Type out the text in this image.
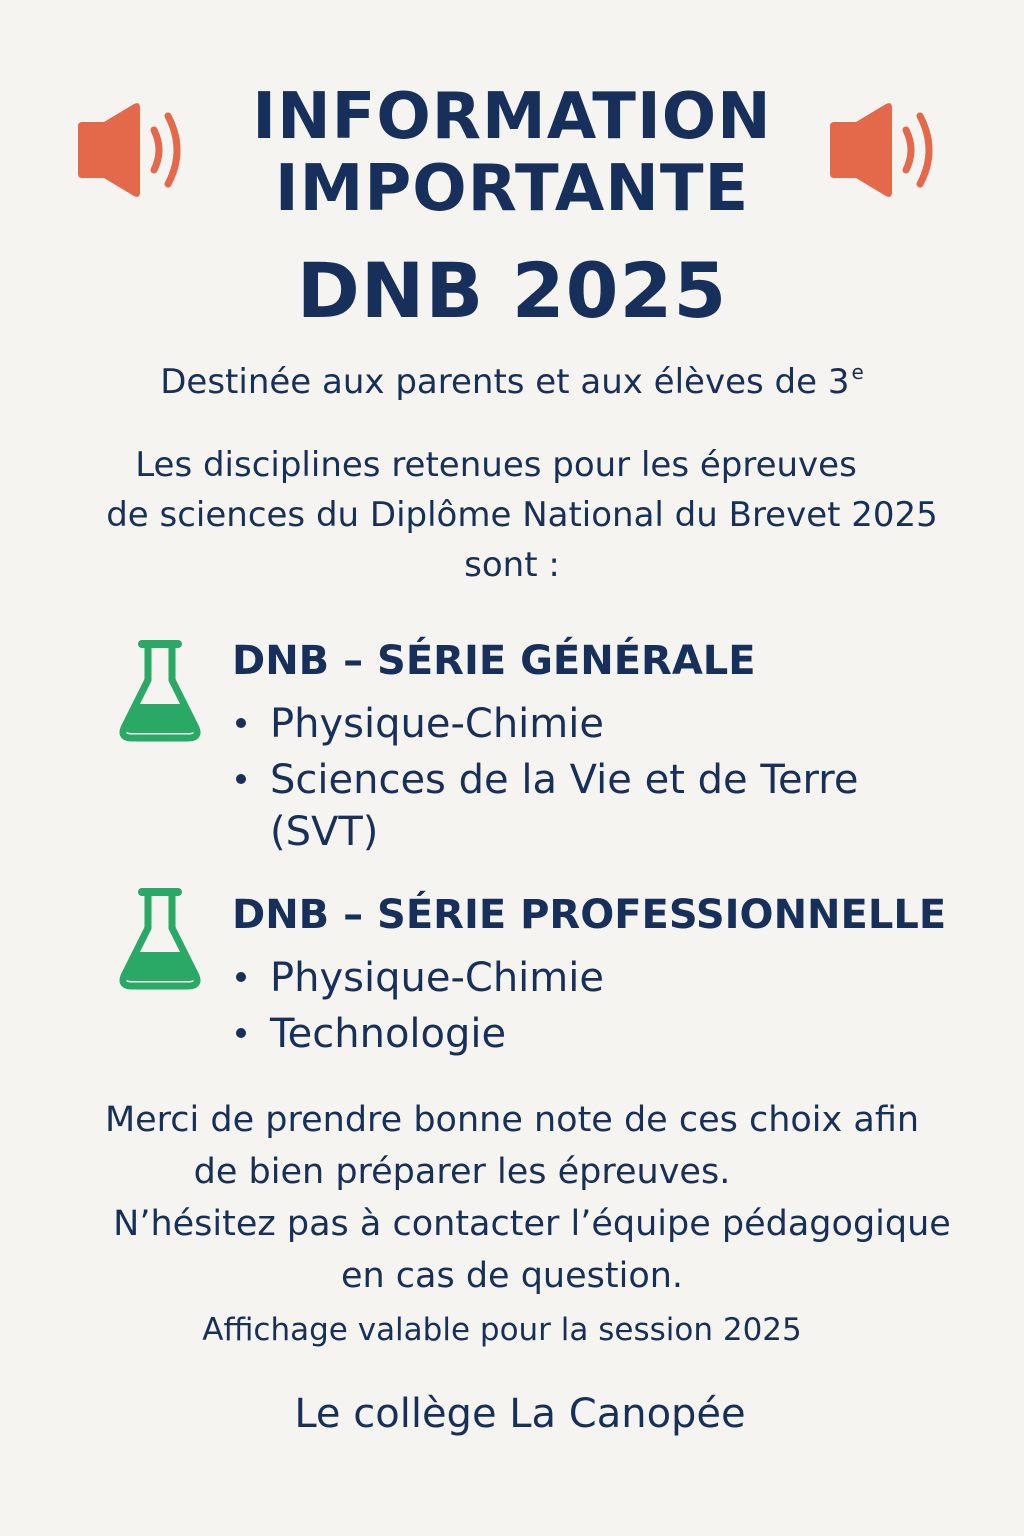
INFORMATION
IMPORTANTE
DNB 2025
Destinée aux parents et aux élèves de 3 $^e$
Les disciplines retenues pour les épreuves
de sciences du Diplôme National du Brevet 2025
sont :
DNB – SÉRIE GÉNÉRALE
Physique-Chimie
Sciences de la Vie et de Terre
(SVT)
DNB – SÉRIE PROFESSIONNELLE
Physique-Chimie
Technologie
Merci de prendre bonne note de ces choix afin
de bien préparer les épreuves.
N’hésitez pas à contacter l’équipe pédagogique
en cas de question.
Affichage valable pour la session 2025
Le collège La Canopée
